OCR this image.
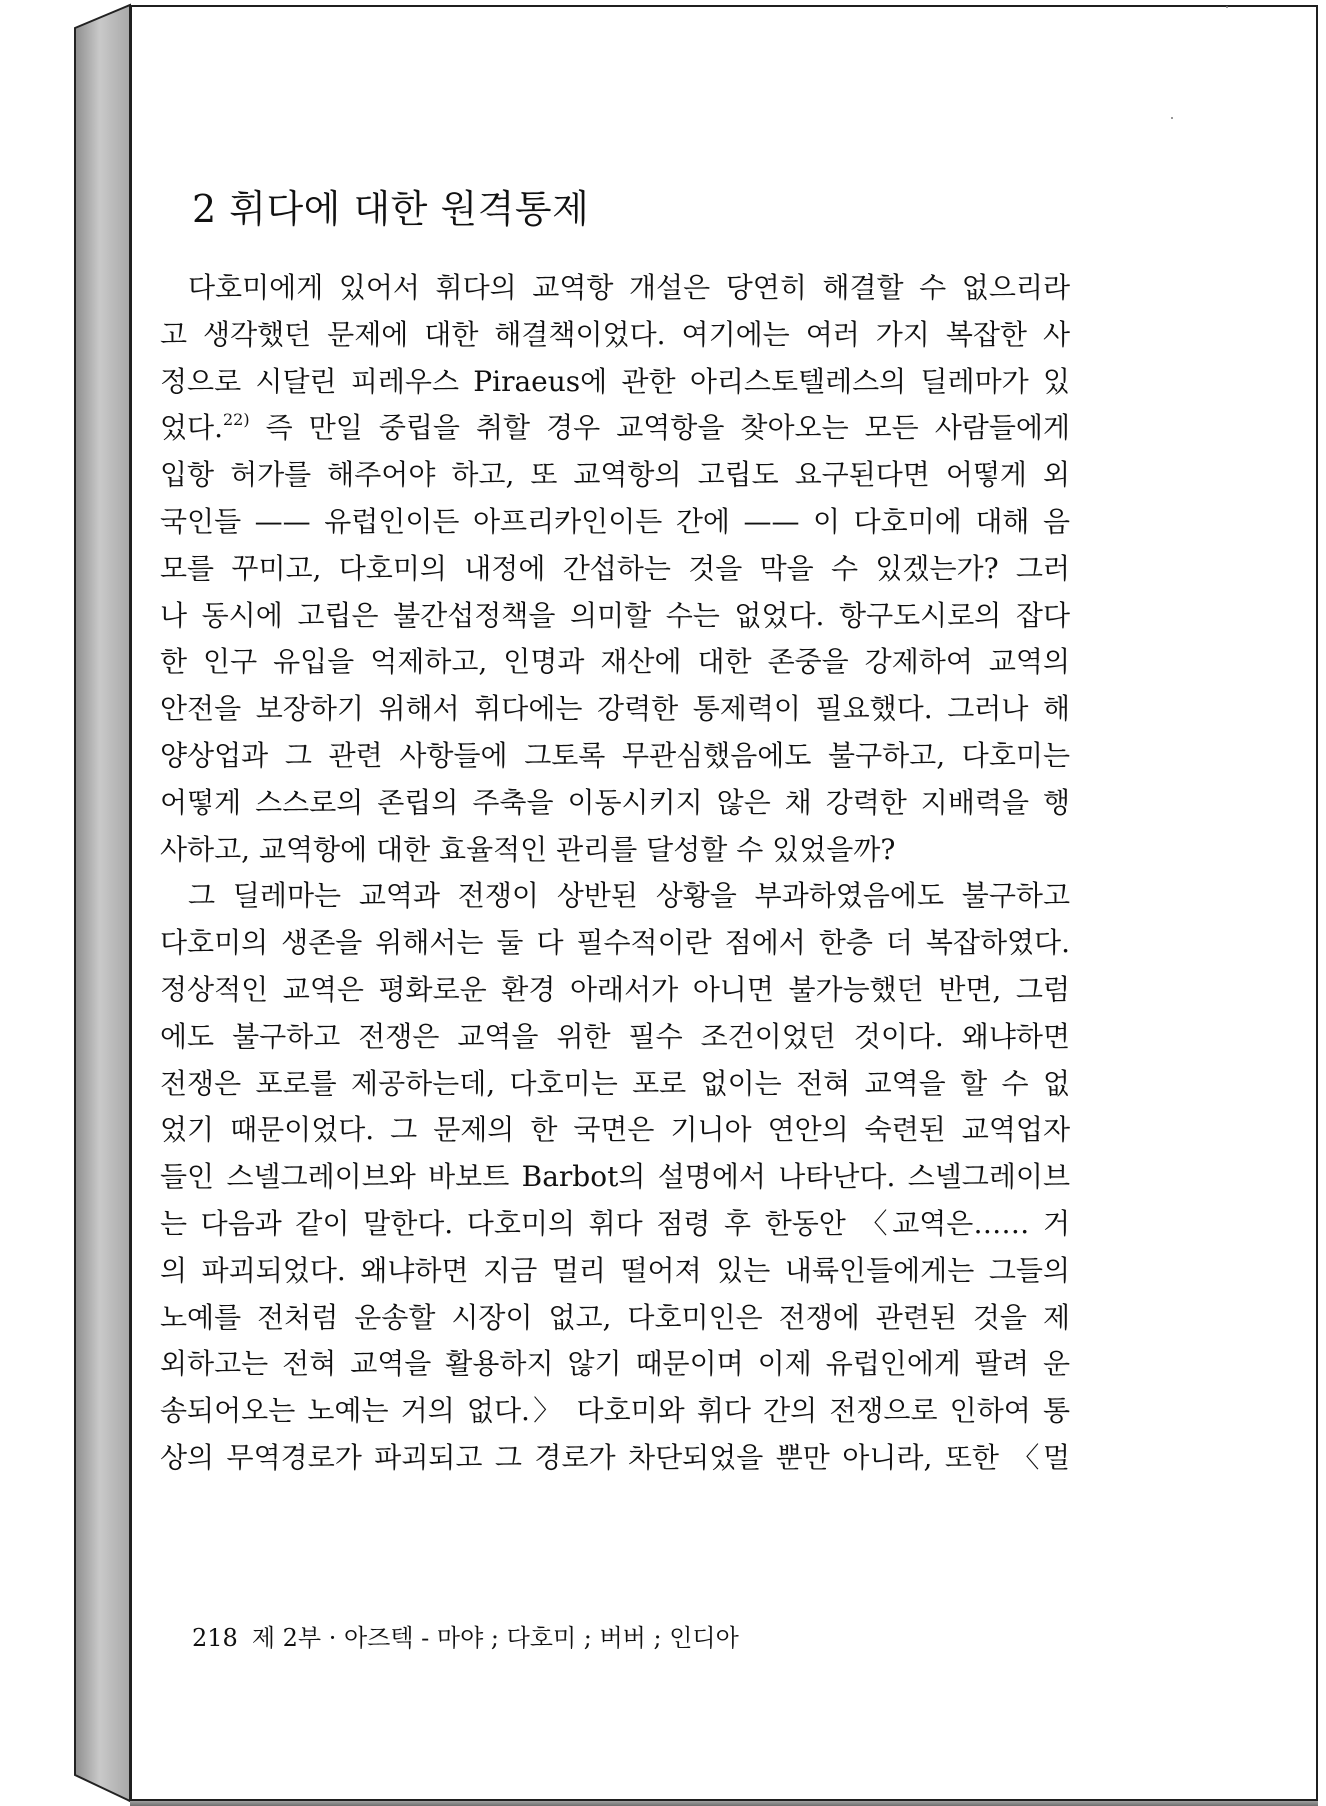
2 휘다에 대한 원격통제
다호미에게 있어서 휘다의 교역항 개설은 당연히 해결할 수 없으리라
고 생각했던 문제에 대한 해결책이었다. 여기에는 여러 가지 복잡한 사
정으로 시달린 피레우스 Piraeus에 관한 아리스토텔레스의 딜레마가 있
었다.$^{22)}$ 즉 만일 중립을 취할 경우 교역항을 찾아오는 모든 사람들에게
입항 허가를 해주어야 하고, 또 교역항의 고립도 요구된다면 어떻게 외
국인들 —— 유럽인이든 아프리카인이든 간에 —— 이 다호미에 대해 음
모를 꾸미고, 다호미의 내정에 간섭하는 것을 막을 수 있겠는가? 그러
나 동시에 고립은 불간섭정책을 의미할 수는 없었다. 항구도시로의 잡다
한 인구 유입을 억제하고, 인명과 재산에 대한 존중을 강제하여 교역의
안전을 보장하기 위해서 휘다에는 강력한 통제력이 필요했다. 그러나 해
양상업과 그 관련 사항들에 그토록 무관심했음에도 불구하고, 다호미는
어떻게 스스로의 존립의 주축을 이동시키지 않은 채 강력한 지배력을 행
사하고, 교역항에 대한 효율적인 관리를 달성할 수 있었을까?
그 딜레마는 교역과 전쟁이 상반된 상황을 부과하였음에도 불구하고
다호미의 생존을 위해서는 둘 다 필수적이란 점에서 한층 더 복잡하였다.
정상적인 교역은 평화로운 환경 아래서가 아니면 불가능했던 반면, 그럼
에도 불구하고 전쟁은 교역을 위한 필수 조건이었던 것이다. 왜냐하면
전쟁은 포로를 제공하는데, 다호미는 포로 없이는 전혀 교역을 할 수 없
었기 때문이었다. 그 문제의 한 국면은 기니아 연안의 숙련된 교역업자
들인 스넬그레이브와 바보트 Barbot의 설명에서 나타난다. 스넬그레이브
는 다음과 같이 말한다. 다호미의 휘다 점령 후 한동안 〈교역은…… 거
의 파괴되었다. 왜냐하면 지금 멀리 떨어져 있는 내륙인들에게는 그들의
노예를 전처럼 운송할 시장이 없고, 다호미인은 전쟁에 관련된 것을 제
외하고는 전혀 교역을 활용하지 않기 때문이며 이제 유럽인에게 팔려 운
송되어오는 노예는 거의 없다.〉 다호미와 휘다 간의 전쟁으로 인하여 통
상의 무역경로가 파괴되고 그 경로가 차단되었을 뿐만 아니라, 또한 〈멀
218 제 2부 · 아즈텍 - 마야 ; 다호미 ; 버버 ; 인디아
